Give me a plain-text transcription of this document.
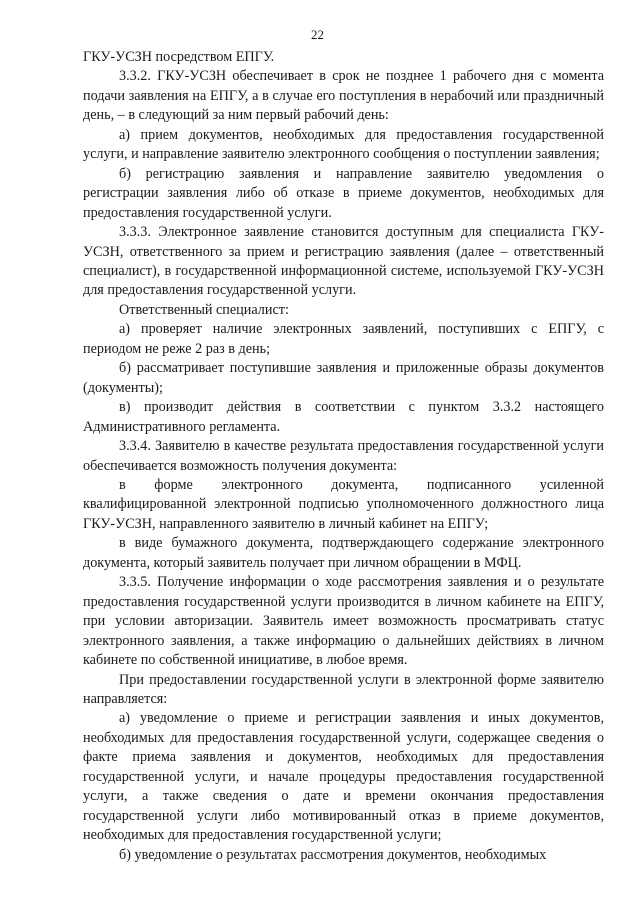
22

ГКУ-УСЗН посредством ЕПГУ.

3.3.2. ГКУ-УСЗН обеспечивает в срок не позднее 1 рабочего дня с момента подачи заявления на ЕПГУ, а в случае его поступления в нерабочий или праздничный день, – в следующий за ним первый рабочий день:

а) прием документов, необходимых для предоставления государственной услуги, и направление заявителю электронного сообщения о поступлении заявления;

б) регистрацию заявления и направление заявителю уведомления о регистрации заявления либо об отказе в приеме документов, необходимых для предоставления государственной услуги.

3.3.3. Электронное заявление становится доступным для специалиста ГКУ-УСЗН, ответственного за прием и регистрацию заявления (далее – ответственный специалист), в государственной информационной системе, используемой ГКУ-УСЗН для предоставления государственной услуги.

Ответственный специалист:

а) проверяет наличие электронных заявлений, поступивших с ЕПГУ, с периодом не реже 2 раз в день;

б) рассматривает поступившие заявления и приложенные образы документов (документы);

в) производит действия в соответствии с пунктом 3.3.2 настоящего Административного регламента.

3.3.4. Заявителю в качестве результата предоставления государственной услуги обеспечивается возможность получения документа:

в форме электронного документа, подписанного усиленной квалифицированной электронной подписью уполномоченного должностного лица ГКУ-УСЗН, направленного заявителю в личный кабинет на ЕПГУ;

в виде бумажного документа, подтверждающего содержание электронного документа, который заявитель получает при личном обращении в МФЦ.

3.3.5. Получение информации о ходе рассмотрения заявления и о результате предоставления государственной услуги производится в личном кабинете на ЕПГУ, при условии авторизации. Заявитель имеет возможность просматривать статус электронного заявления, а также информацию о дальнейших действиях в личном кабинете по собственной инициативе, в любое время.

При предоставлении государственной услуги в электронной форме заявителю направляется:

а) уведомление о приеме и регистрации заявления и иных документов, необходимых для предоставления государственной услуги, содержащее сведения о факте приема заявления и документов, необходимых для предоставления государственной услуги, и начале процедуры предоставления государственной услуги, а также сведения о дате и времени окончания предоставления государственной услуги либо мотивированный отказ в приеме документов, необходимых для предоставления государственной услуги;

б) уведомление о результатах рассмотрения документов, необходимых
